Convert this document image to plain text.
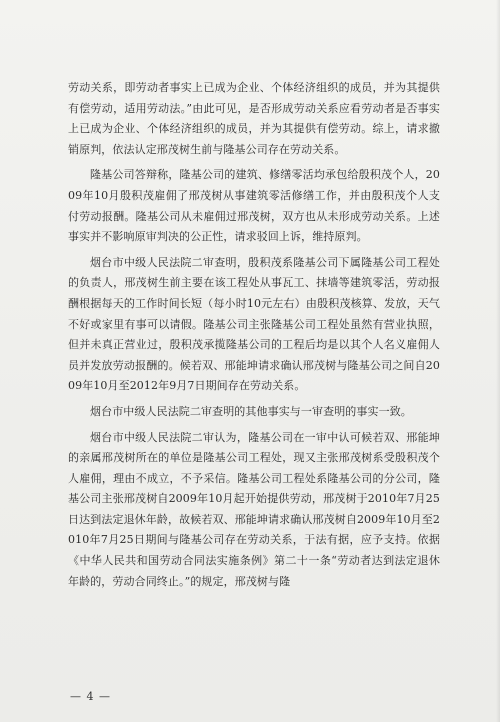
劳动关系，即劳动者事实上已成为企业、个体经济组织的成员，并为其提供有偿劳动，适用劳动法。”由此可见，是否形成劳动关系应看劳动者是否事实上已成为企业、个体经济组织的成员，并为其提供有偿劳动。综上，请求撤销原判，依法认定邢茂树生前与隆基公司存在劳动关系。

隆基公司答辩称，隆基公司的建筑、修缮零活均承包给殷积茂个人，2009年10月殷积茂雇佣了邢茂树从事建筑零活修缮工作，并由殷积茂个人支付劳动报酬。隆基公司从未雇佣过邢茂树，双方也从未形成劳动关系。上述事实并不影响原审判决的公正性，请求驳回上诉，维持原判。

烟台市中级人民法院二审查明，殷积茂系隆基公司下属隆基公司工程处的负责人，邢茂树生前主要在该工程处从事瓦工、抹墙等建筑零活，劳动报酬根据每天的工作时间长短（每小时10元左右）由殷积茂核算、发放，天气不好或家里有事可以请假。隆基公司主张隆基公司工程处虽然有营业执照，但并未真正营业过，殷积茂承揽隆基公司的工程后均是以其个人名义雇佣人员并发放劳动报酬的。候若双、邢能坤请求确认邢茂树与隆基公司之间自2009年10月至2012年9月7日期间存在劳动关系。

烟台市中级人民法院二审查明的其他事实与一审查明的事实一致。

烟台市中级人民法院二审认为，隆基公司在一审中认可候若双、邢能坤的亲属邢茂树所在的单位是隆基公司工程处，现又主张邢茂树系受殷积茂个人雇佣，理由不成立，不予采信。隆基公司工程处系隆基公司的分公司，隆基公司主张邢茂树自2009年10月起开始提供劳动，邢茂树于2010年7月25日达到法定退休年龄，故候若双、邢能坤请求确认邢茂树自2009年10月至2010年7月25日期间与隆基公司存在劳动关系，于法有据，应予支持。依据《中华人民共和国劳动合同法实施条例》第二十一条“劳动者达到法定退休年龄的，劳动合同终止。”的规定，邢茂树与隆

— 4 —
